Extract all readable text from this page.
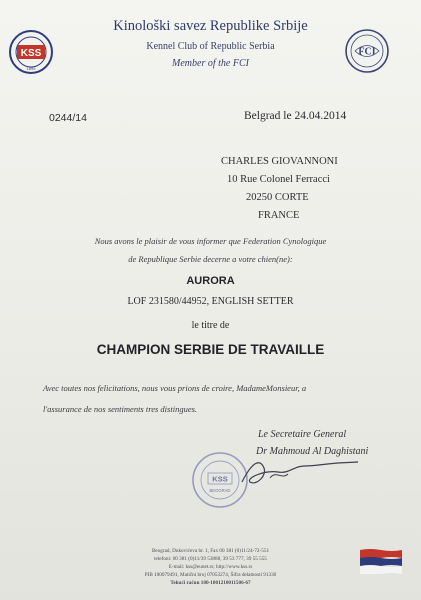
KSS
1899
FCI
Kinološki savez Republike Srbije
Kennel Club of Republic Serbia
Member of the FCI
0244/14	Belgrad le 24.04.2014
CHARLES GIOVANNONI
10 Rue Colonel Ferracci
20250 CORTE
FRANCE
Nous avons le plaisir de vous informer que Federation Cynologique
de Republique Serbie decerne a votre chien(ne):
AURORA
LOF 231580/44952, ENGLISH SETTER
le titre de
CHAMPION SERBIE DE TRAVAILLE
Avec toutes nos felicitations, nous vous prions de croire, MadameMonsieur, a
l'assurance de nos sentiments tres distingues.
Le Secretaire General
Dr Mahmoud Al Daghistani
KSS
BEOGRAD
Beograd, Dukovićeva br. 1, Fax 00 381 (0)11/24-72-551
telefoni: 00 381 (0)11/39 53888, 39 53 777, 39 55 555
E-mail: kss@eunet.rs; http://www.kss.rs
PIB 100079491, Matični broj 07053274, Šifra delatnosti 91330
Tekući račun 180-1001210011506-67
